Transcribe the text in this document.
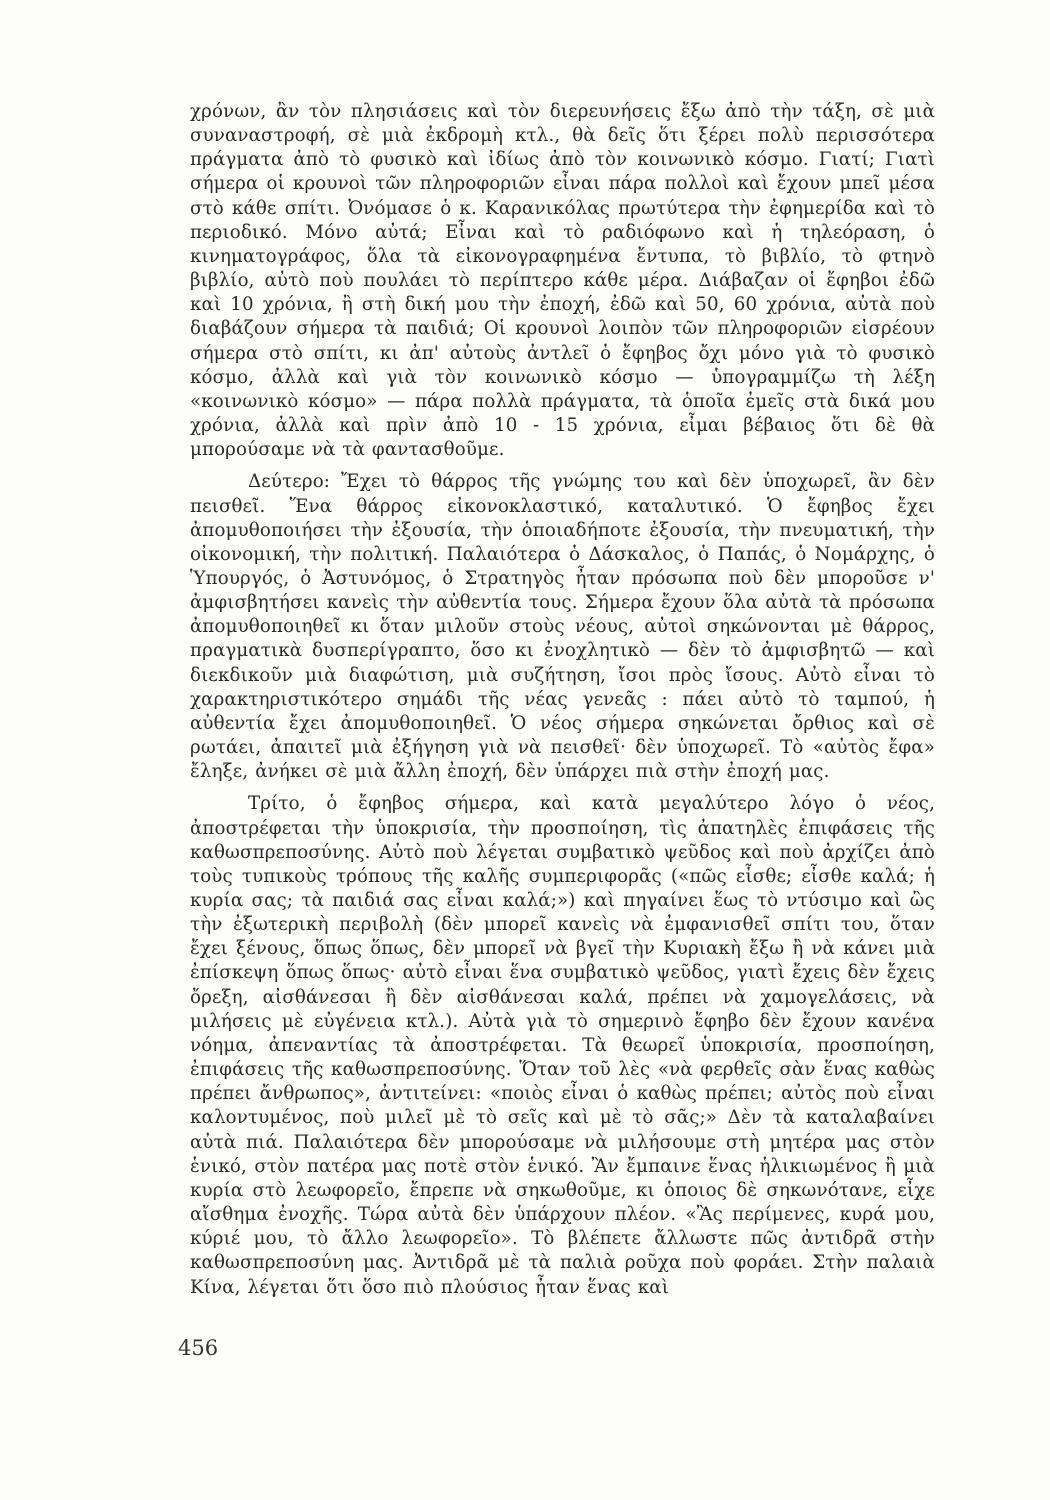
χρόνων, ἂν τὸν πλησιάσεις καὶ τὸν διερευνήσεις ἔξω ἀπὸ τὴν τάξη, σὲ μιὰ συναναστροφή, σὲ μιὰ ἐκδρομὴ κτλ., θὰ δεῖς ὅτι ξέρει πολὺ περισσότερα πράγματα ἀπὸ τὸ φυσικὸ καὶ ἰδίως ἀπὸ τὸν κοινωνικὸ κόσμο. Γιατί; Γιατὶ σήμερα οἱ κρουνοὶ τῶν πληροφοριῶν εἶναι πάρα πολλοὶ καὶ ἔχουν μπεῖ μέσα στὸ κάθε σπίτι. Ὀνόμασε ὁ κ. Καρανικόλας πρωτύτερα τὴν ἐφημερίδα καὶ τὸ περιοδικό. Μόνο αὐτά; Εἶναι καὶ τὸ ραδιόφωνο καὶ ἡ τηλεόραση, ὁ κινηματογράφος, ὅλα τὰ εἰκονογραφημένα ἔντυπα, τὸ βιβλίο, τὸ φτηνὸ βιβλίο, αὐτὸ ποὺ πουλάει τὸ περίπτερο κάθε μέρα. Διάβαζαν οἱ ἔφηβοι ἐδῶ καὶ 10 χρόνια, ἢ στὴ δική μου τὴν ἐποχή, ἐδῶ καὶ 50, 60 χρόνια, αὐτὰ ποὺ διαβάζουν σήμερα τὰ παιδιά; Οἱ κρουνοὶ λοιπὸν τῶν πληροφοριῶν εἰσρέουν σήμερα στὸ σπίτι, κι ἀπ' αὐτοὺς ἀντλεῖ ὁ ἔφηβος ὄχι μόνο γιὰ τὸ φυσικὸ κόσμο, ἀλλὰ καὶ γιὰ τὸν κοινωνικὸ κόσμο — ὑπογραμμίζω τὴ λέξη «κοινωνικὸ κόσμο» — πάρα πολλὰ πράγματα, τὰ ὁποῖα ἐμεῖς στὰ δικά μου χρόνια, ἀλλὰ καὶ πρὶν ἀπὸ 10 - 15 χρόνια, εἶμαι βέβαιος ὅτι δὲ θὰ μπορούσαμε νὰ τὰ φαντασθοῦμε.

Δεύτερο: Ἔχει τὸ θάρρος τῆς γνώμης του καὶ δὲν ὑποχωρεῖ, ἂν δὲν πεισθεῖ. Ἕνα θάρρος εἰκονοκλαστικό, καταλυτικό. Ὁ ἔφηβος ἔχει ἀπομυθοποιήσει τὴν ἐξουσία, τὴν ὁποιαδήποτε ἐξουσία, τὴν πνευματική, τὴν οἰκονομική, τὴν πολιτική. Παλαιότερα ὁ Δάσκαλος, ὁ Παπάς, ὁ Νομάρχης, ὁ Ὑπουργός, ὁ Ἀστυνόμος, ὁ Στρατηγὸς ἦταν πρόσωπα ποὺ δὲν μποροῦσε ν' ἀμφισβητήσει κανεὶς τὴν αὐθεντία τους. Σήμερα ἔχουν ὅλα αὐτὰ τὰ πρόσωπα ἀπομυθοποιηθεῖ κι ὅταν μιλοῦν στοὺς νέους, αὐτοὶ σηκώνονται μὲ θάρρος, πραγματικὰ δυσπερίγραπτο, ὅσο κι ἐνοχλητικὸ — δὲν τὸ ἀμφισβητῶ — καὶ διεκδικοῦν μιὰ διαφώτιση, μιὰ συζήτηση, ἴσοι πρὸς ἴσους. Αὐτὸ εἶναι τὸ χαρακτηριστικότερο σημάδι τῆς νέας γενεᾶς : πάει αὐτὸ τὸ ταμπού, ἡ αὐθεντία ἔχει ἀπομυθοποιηθεῖ. Ὁ νέος σήμερα σηκώνεται ὄρθιος καὶ σὲ ρωτάει, ἀπαιτεῖ μιὰ ἐξήγηση γιὰ νὰ πεισθεῖ· δὲν ὑποχωρεῖ. Τὸ «αὐτὸς ἔφα» ἔληξε, ἀνήκει σὲ μιὰ ἄλλη ἐποχή, δὲν ὑπάρχει πιὰ στὴν ἐποχή μας.

Τρίτο, ὁ ἔφηβος σήμερα, καὶ κατὰ μεγαλύτερο λόγο ὁ νέος, ἀποστρέφεται τὴν ὑποκρισία, τὴν προσποίηση, τὶς ἀπατηλὲς ἐπιφάσεις τῆς καθωσπρεποσύνης. Αὐτὸ ποὺ λέγεται συμβατικὸ ψεῦδος καὶ ποὺ ἀρχίζει ἀπὸ τοὺς τυπικοὺς τρόπους τῆς καλῆς συμπεριφορᾶς («πῶς εἶσθε; εἶσθε καλά; ἡ κυρία σας; τὰ παιδιά σας εἶναι καλά;») καὶ πηγαίνει ἕως τὸ ντύσιμο καὶ ὣς τὴν ἐξωτερικὴ περιβολὴ (δὲν μπορεῖ κανεὶς νὰ ἐμφανισθεῖ σπίτι του, ὅταν ἔχει ξένους, ὅπως ὅπως, δὲν μπορεῖ νὰ βγεῖ τὴν Κυριακὴ ἔξω ἢ νὰ κάνει μιὰ ἐπίσκεψη ὅπως ὅπως· αὐτὸ εἶναι ἕνα συμβατικὸ ψεῦδος, γιατὶ ἔχεις δὲν ἔχεις ὄρεξη, αἰσθάνεσαι ἢ δὲν αἰσθάνεσαι καλά, πρέπει νὰ χαμογελάσεις, νὰ μιλήσεις μὲ εὐγένεια κτλ.). Αὐτὰ γιὰ τὸ σημερινὸ ἔφηβο δὲν ἔχουν κανένα νόημα, ἀπεναντίας τὰ ἀποστρέφεται. Τὰ θεωρεῖ ὑποκρισία, προσποίηση, ἐπιφάσεις τῆς καθωσπρεποσύνης. Ὅταν τοῦ λὲς «νὰ φερθεῖς σὰν ἕνας καθὼς πρέπει ἄνθρωπος», ἀντιτείνει: «ποιὸς εἶναι ὁ καθὼς πρέπει; αὐτὸς ποὺ εἶναι καλοντυμένος, ποὺ μιλεῖ μὲ τὸ σεῖς καὶ μὲ τὸ σᾶς;» Δὲν τὰ καταλαβαίνει αὐτὰ πιά. Παλαιότερα δὲν μπορούσαμε νὰ μιλήσουμε στὴ μητέρα μας στὸν ἑνικό, στὸν πατέρα μας ποτὲ στὸν ἑνικό. Ἂν ἔμπαινε ἕνας ἡλικιωμένος ἢ μιὰ κυρία στὸ λεωφορεῖο, ἔπρεπε νὰ σηκωθοῦμε, κι ὁποιος δὲ σηκωνότανε, εἶχε αἴσθημα ἐνοχῆς. Τώρα αὐτὰ δὲν ὑπάρχουν πλέον. «Ἂς περίμενες, κυρά μου, κύριέ μου, τὸ ἄλλο λεωφορεῖο». Τὸ βλέπετε ἄλλωστε πῶς ἀντιδρᾶ στὴν καθωσπρεποσύνη μας. Ἀντιδρᾶ μὲ τὰ παλιὰ ροῦχα ποὺ φοράει. Στὴν παλαιὰ Κίνα, λέγεται ὅτι ὅσο πιὸ πλούσιος ἦταν ἕνας καὶ

456
